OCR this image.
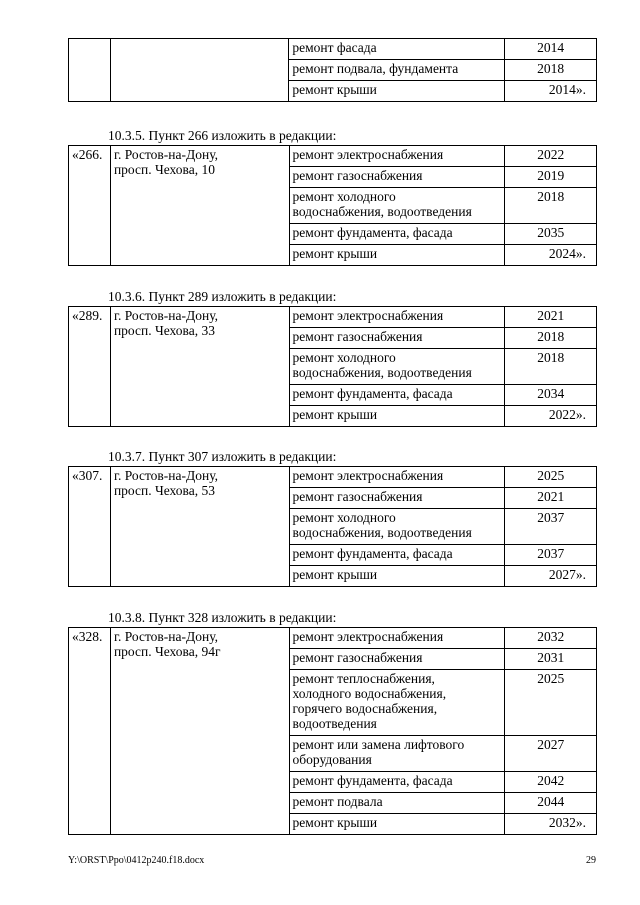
		ремонт фасада	2014
		ремонт подвала, фундамента	2018
		ремонт крыши	2014».
10.3.5. Пункт 266 изложить в редакции:
«266.	г. Ростов-на-Дону,
просп. Чехова, 10	ремонт электроснабжения	2022
		ремонт газоснабжения	2019

		ремонт холодного
водоснабжения, водоотведения	2018
		ремонт фундамента, фасада	2035
		ремонт крыши	2024».
10.3.6. Пункт 289 изложить в редакции:
«289.	г. Ростов-на-Дону,
просп. Чехова, 33	ремонт электроснабжения	2021
		ремонт газоснабжения	2018

		ремонт холодного
водоснабжения, водоотведения	2018
		ремонт фундамента, фасада	2034
		ремонт крыши	2022».
10.3.7. Пункт 307 изложить в редакции:
«307.	г. Ростов-на-Дону,
просп. Чехова, 53	ремонт электроснабжения	2025
		ремонт газоснабжения	2021

		ремонт холодного
водоснабжения, водоотведения	2037
		ремонт фундамента, фасада	2037
		ремонт крыши	2027».
10.3.8. Пункт 328 изложить в редакции:
«328.	г. Ростов-на-Дону,
просп. Чехова, 94г	ремонт электроснабжения	2032
		ремонт газоснабжения	2031

		ремонт теплоснабжения,
холодного водоснабжения,
горячего водоснабжения,
водоотведения	2025

		ремонт или замена лифтового
оборудования	2027
		ремонт фундамента, фасада	2042
		ремонт подвала	2044
		ремонт крыши	2032».
Y:\ORST\Ppo\0412p240.f18.docx	29
